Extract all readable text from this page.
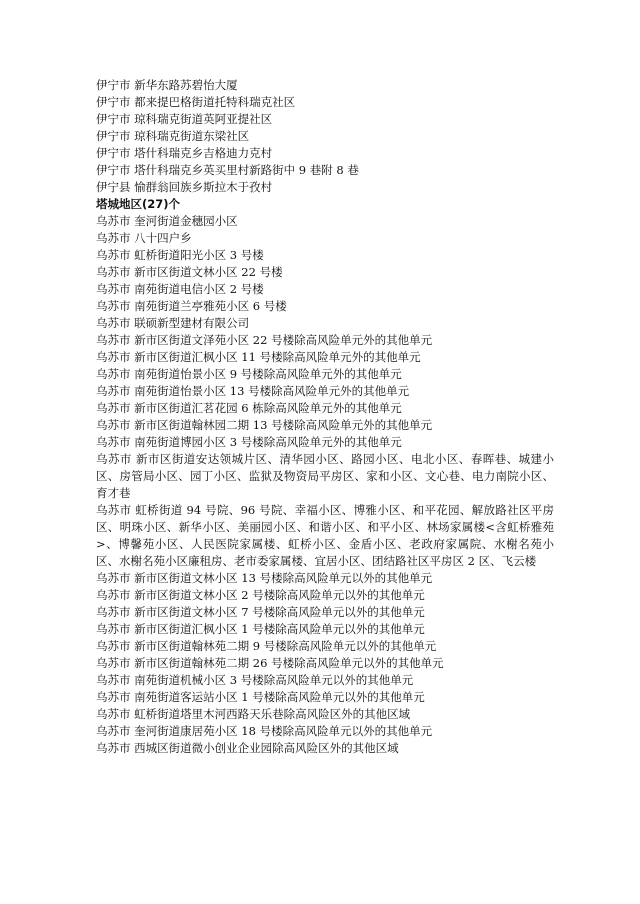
伊宁市 新华东路苏碧怡大厦
伊宁市 都来提巴格街道托特科瑞克社区
伊宁市 琼科瑞克街道英阿亚提社区
伊宁市 琼科瑞克街道东梁社区
伊宁市 塔什科瑞克乡吉格迪力克村
伊宁市 塔什科瑞克乡英买里村新路街中 9 巷附 8 巷
伊宁县 愉群翁回族乡斯拉木于孜村
塔城地区(27)个
乌苏市 奎河街道金穗园小区
乌苏市 八十四户乡
乌苏市 虹桥街道阳光小区 3 号楼
乌苏市 新市区街道文林小区 22 号楼
乌苏市 南苑街道电信小区 2 号楼
乌苏市 南苑街道兰亭雅苑小区 6 号楼
乌苏市 联硕新型建材有限公司
乌苏市 新市区街道文泽苑小区 22 号楼除高风险单元外的其他单元
乌苏市 新市区街道汇枫小区 11 号楼除高风险单元外的其他单元
乌苏市 南苑街道怡景小区 9 号楼除高风险单元外的其他单元
乌苏市 南苑街道怡景小区 13 号楼除高风险单元外的其他单元
乌苏市 新市区街道汇茗花园 6 栋除高风险单元外的其他单元
乌苏市 新市区街道翰林园二期 13 号楼除高风险单元外的其他单元
乌苏市 南苑街道博园小区 3 号楼除高风险单元外的其他单元
乌苏市 新市区街道安达领城片区、清华园小区、路园小区、电北小区、春晖巷、城建小区、房管局小区、园丁小区、监狱及物资局平房区、家和小区、文心巷、电力南院小区、育才巷
乌苏市 虹桥街道 94 号院、96 号院、幸福小区、博雅小区、和平花园、解放路社区平房区、明珠小区、新华小区、美丽园小区、和谐小区、和平小区、林场家属楼<含虹桥雅苑>、博馨苑小区、人民医院家属楼、虹桥小区、金盾小区、老政府家属院、水榭名苑小区、水榭名苑小区廉租房、老市委家属楼、宜居小区、团结路社区平房区 2 区、飞云楼
乌苏市 新市区街道文林小区 13 号楼除高风险单元以外的其他单元
乌苏市 新市区街道文林小区 2 号楼除高风险单元以外的其他单元
乌苏市 新市区街道文林小区 7 号楼除高风险单元以外的其他单元
乌苏市 新市区街道汇枫小区 1 号楼除高风险单元以外的其他单元
乌苏市 新市区街道翰林苑二期 9 号楼除高风险单元以外的其他单元
乌苏市 新市区街道翰林苑二期 26 号楼除高风险单元以外的其他单元
乌苏市 南苑街道机械小区 3 号楼除高风险单元以外的其他单元
乌苏市 南苑街道客运站小区 1 号楼除高风险单元以外的其他单元
乌苏市 虹桥街道塔里木河西路天乐巷除高风险区外的其他区域
乌苏市 奎河街道康居苑小区 18 号楼除高风险单元以外的其他单元
乌苏市 西城区街道微小创业企业园除高风险区外的其他区域
